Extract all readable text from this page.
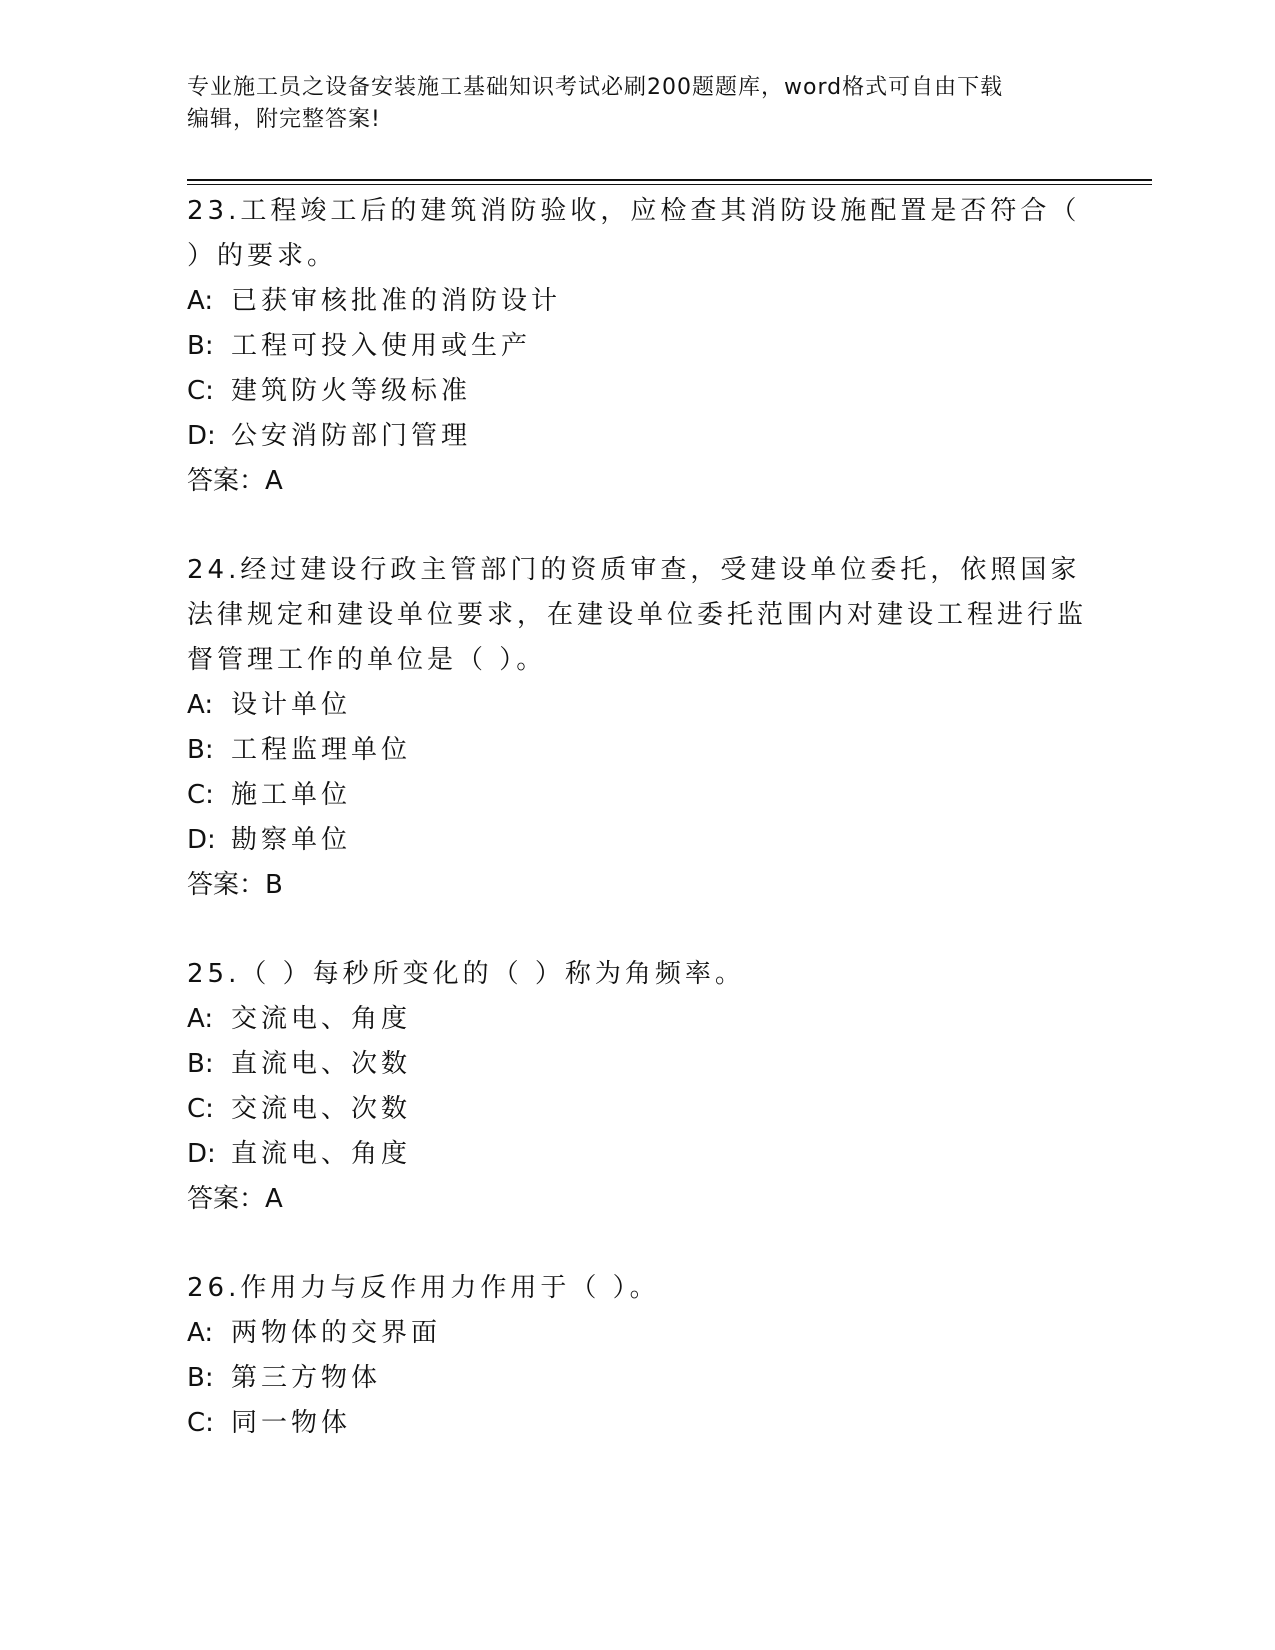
专业施工员之设备安装施工基础知识考试必刷200题题库，word格式可自由下载
编辑，附完整答案!
23.工程竣工后的建筑消防验收，应检查其消防设施配置是否符合（ ）的要求。
A: 已获审核批准的消防设计
B: 工程可投入使用或生产
C: 建筑防火等级标准
D: 公安消防部门管理
答案：A
24.经过建设行政主管部门的资质审查，受建设单位委托，依照国家法律规定和建设单位要求，在建设单位委托范围内对建设工程进行监督管理工作的单位是（ ）。
A: 设计单位
B: 工程监理单位
C: 施工单位
D: 勘察单位
答案：B
25.（ ）每秒所变化的（ ）称为角频率。
A: 交流电、角度
B: 直流电、次数
C: 交流电、次数
D: 直流电、角度
答案：A
26.作用力与反作用力作用于（ ）。
A: 两物体的交界面
B: 第三方物体
C: 同一物体
